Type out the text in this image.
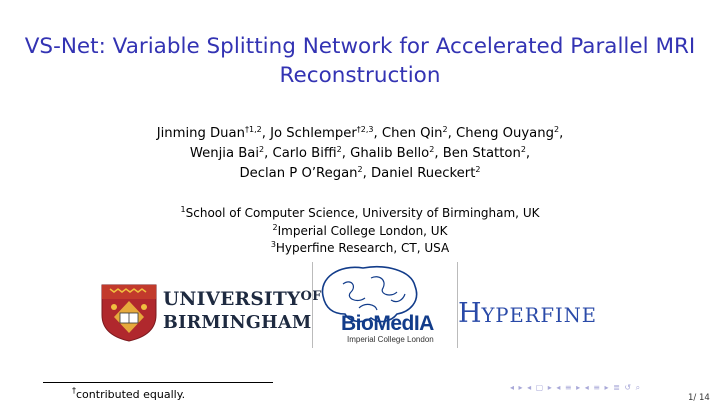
VS-Net: Variable Splitting Network for Accelerated Parallel MRI
Reconstruction
Jinming Duan$^{\dagger 1,2}$, Jo Schlemper$^{\dagger 2,3}$, Chen Qin$^2$, Cheng Ouyang$^2$,
Wenjia Bai$^2$, Carlo Biffi$^2$, Ghalib Bello$^2$, Ben Statton$^2$,
Declan P O’Regan$^2$, Daniel Rueckert$^2$
$^1$School of Computer Science, University of Birmingham, UK
$^2$Imperial College London, UK
$^3$Hyperfine Research, CT, USA
$UNIVERSITY^{OF}$
BIRMINGHAM BioMedIA
Imperial College London
HYPERFINE
†contributed equally.
◂ ▸ ◂ ▢ ▸ ◂ ≡ ▸ ◂ ≡ ▸ ≣ ↺ ⌕
1/ 14
